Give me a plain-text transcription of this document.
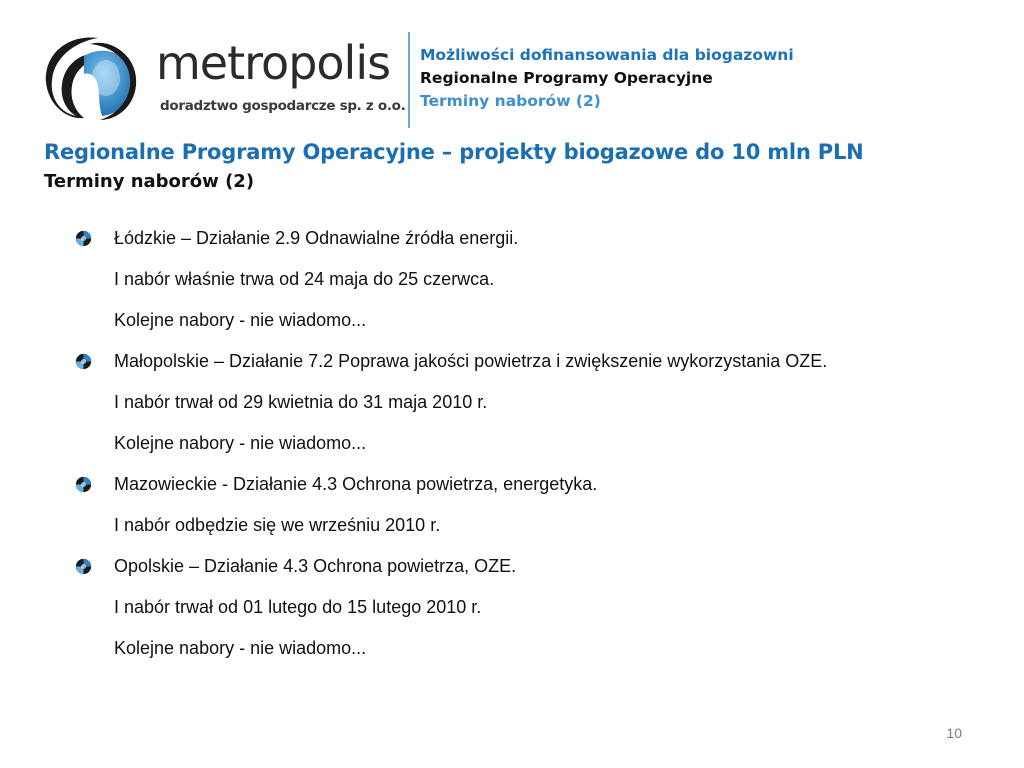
metropolis
doradztwo gospodarcze sp. z o.o.
Możliwości dofinansowania dla biogazowni
Regionalne Programy Operacyjne
Terminy naborów (2)
Regionalne Programy Operacyjne – projekty biogazowe do 10 mln PLN
Terminy naborów (2)
Łódzkie – Działanie 2.9 Odnawialne źródła energii.
I nabór właśnie trwa od 24 maja do 25 czerwca.
Kolejne nabory - nie wiadomo...
Małopolskie – Działanie 7.2 Poprawa jakości powietrza i zwiększenie wykorzystania OZE.
I nabór trwał od 29 kwietnia do 31 maja 2010 r.
Kolejne nabory - nie wiadomo...
Mazowieckie - Działanie 4.3 Ochrona powietrza, energetyka.
I nabór odbędzie się we wrześniu 2010 r.
Opolskie – Działanie 4.3 Ochrona powietrza, OZE.
I nabór trwał od 01 lutego do 15 lutego 2010 r.
Kolejne nabory - nie wiadomo...
10
